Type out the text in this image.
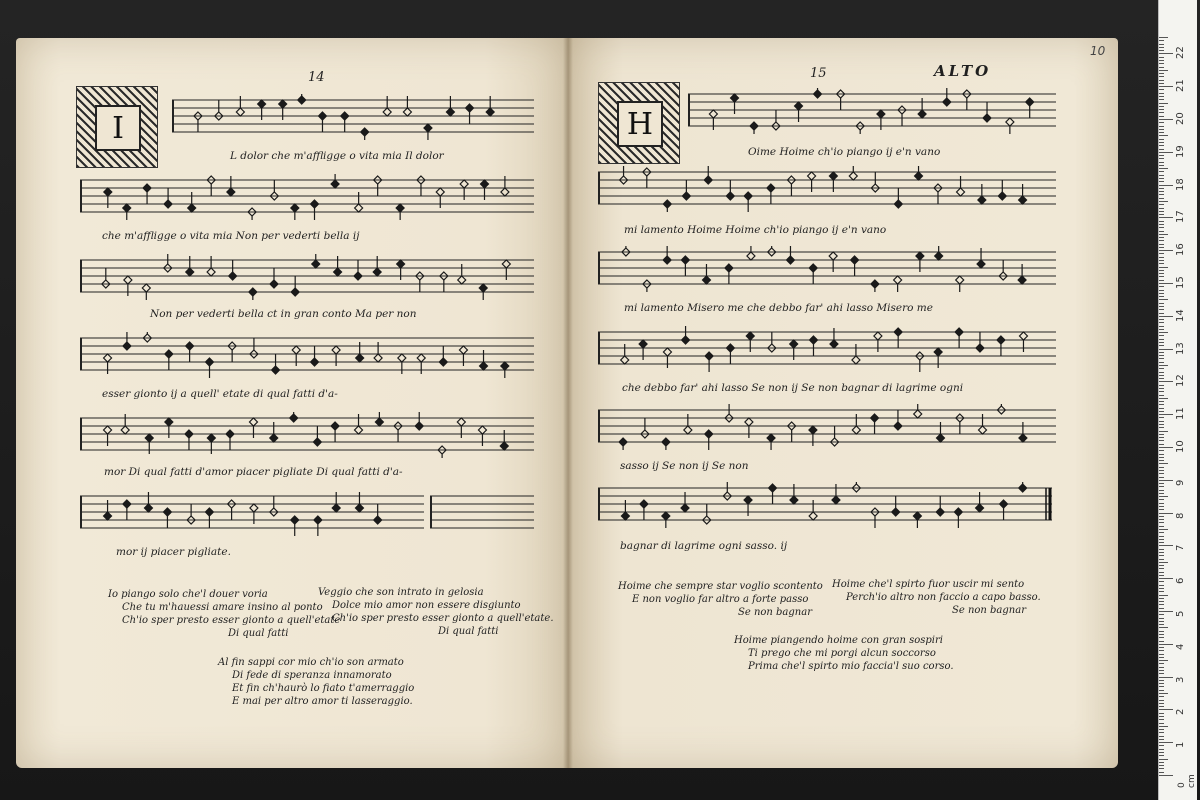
14
I
15	ALTO
10
H
L dolor che m'affligge o vita mia Il dolor
che m'affligge o vita mia Non per vederti bella ij
Non per vederti bella ct in gran conto Ma per non
esser gionto ij a quell' etate di qual fatti d'a-
mor Di qual fatti d'amor piacer pigliate Di qual fatti d'a-
mor ij piacer pigliate.
Oime Hoime ch'io piango ij e'n vano
mi lamento Hoime Hoime ch'io piango ij e'n vano
mi lamento Misero me che debbo far' ahi lasso Misero me
che debbo far' ahi lasso Se non ij Se non bagnar di lagrime ogni
sasso ij Se non ij Se non
bagnar di lagrime ogni sasso. ij
Io piango solo che'l douer voria
Che tu m'hauessi amare insino al ponto
Ch'io sper presto esser gionto a quell'etate
Di qual fatti
Veggio che son intrato in gelosia
Dolce mio amor non essere disgiunto
Ch'io sper presto esser gionto a quell'etate.
Di qual fatti
Al fin sappi cor mio ch'io son armato
Di fede di speranza innamorato
Et fin ch'haurò lo fiato t'amerraggio
E mai per altro amor ti lasseraggio.
Hoime che sempre star voglio scontento
E non voglio far altro a forte passo
Se non bagnar
Hoime che'l spirto fuor uscir mi sento
Perch'io altro non faccio a capo basso.
Se non bagnar
Hoime piangendo hoime con gran sospiri
Ti prego che mi porgi alcun soccorso
Prima che'l spirto mio faccia'l suo corso.
0 cm
1
2
3
4
5
6
7
8
9
10
11
12
13
14
15
16
17
18
19
20
21
22
